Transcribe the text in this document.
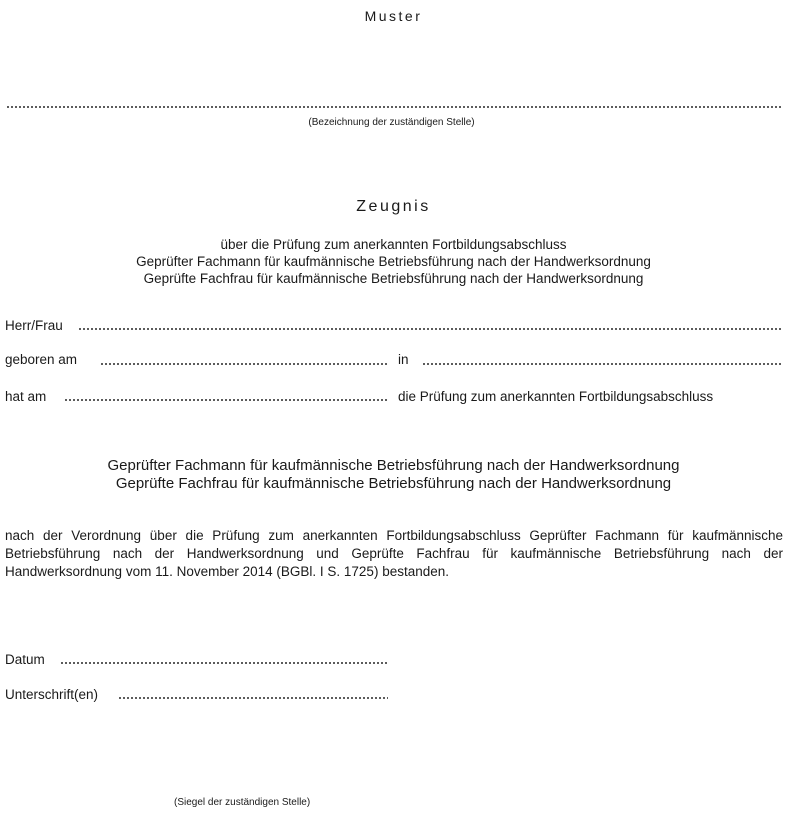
Muster
(Bezeichnung der zuständigen Stelle)
Zeugnis
über die Prüfung zum anerkannten Fortbildungsabschluss
Geprüfter Fachmann für kaufmännische Betriebsführung nach der Handwerksordnung
Geprüfte Fachfrau für kaufmännische Betriebsführung nach der Handwerksordnung
Herr/Frau
geboren am	in
hat am	die Prüfung zum anerkannten Fortbildungsabschluss
Geprüfter Fachmann für kaufmännische Betriebsführung nach der Handwerksordnung
Geprüfte Fachfrau für kaufmännische Betriebsführung nach der Handwerksordnung
nach der Verordnung über die Prüfung zum anerkannten Fortbildungsabschluss Geprüfter Fachmann für kaufmännische Betriebsführung nach der Handwerksordnung und Geprüfte Fachfrau für kaufmännische Betriebsführung nach der Handwerksordnung vom 11. November 2014 (BGBl. I S. 1725) bestanden.
Datum
Unterschrift(en)
(Siegel der zuständigen Stelle)
